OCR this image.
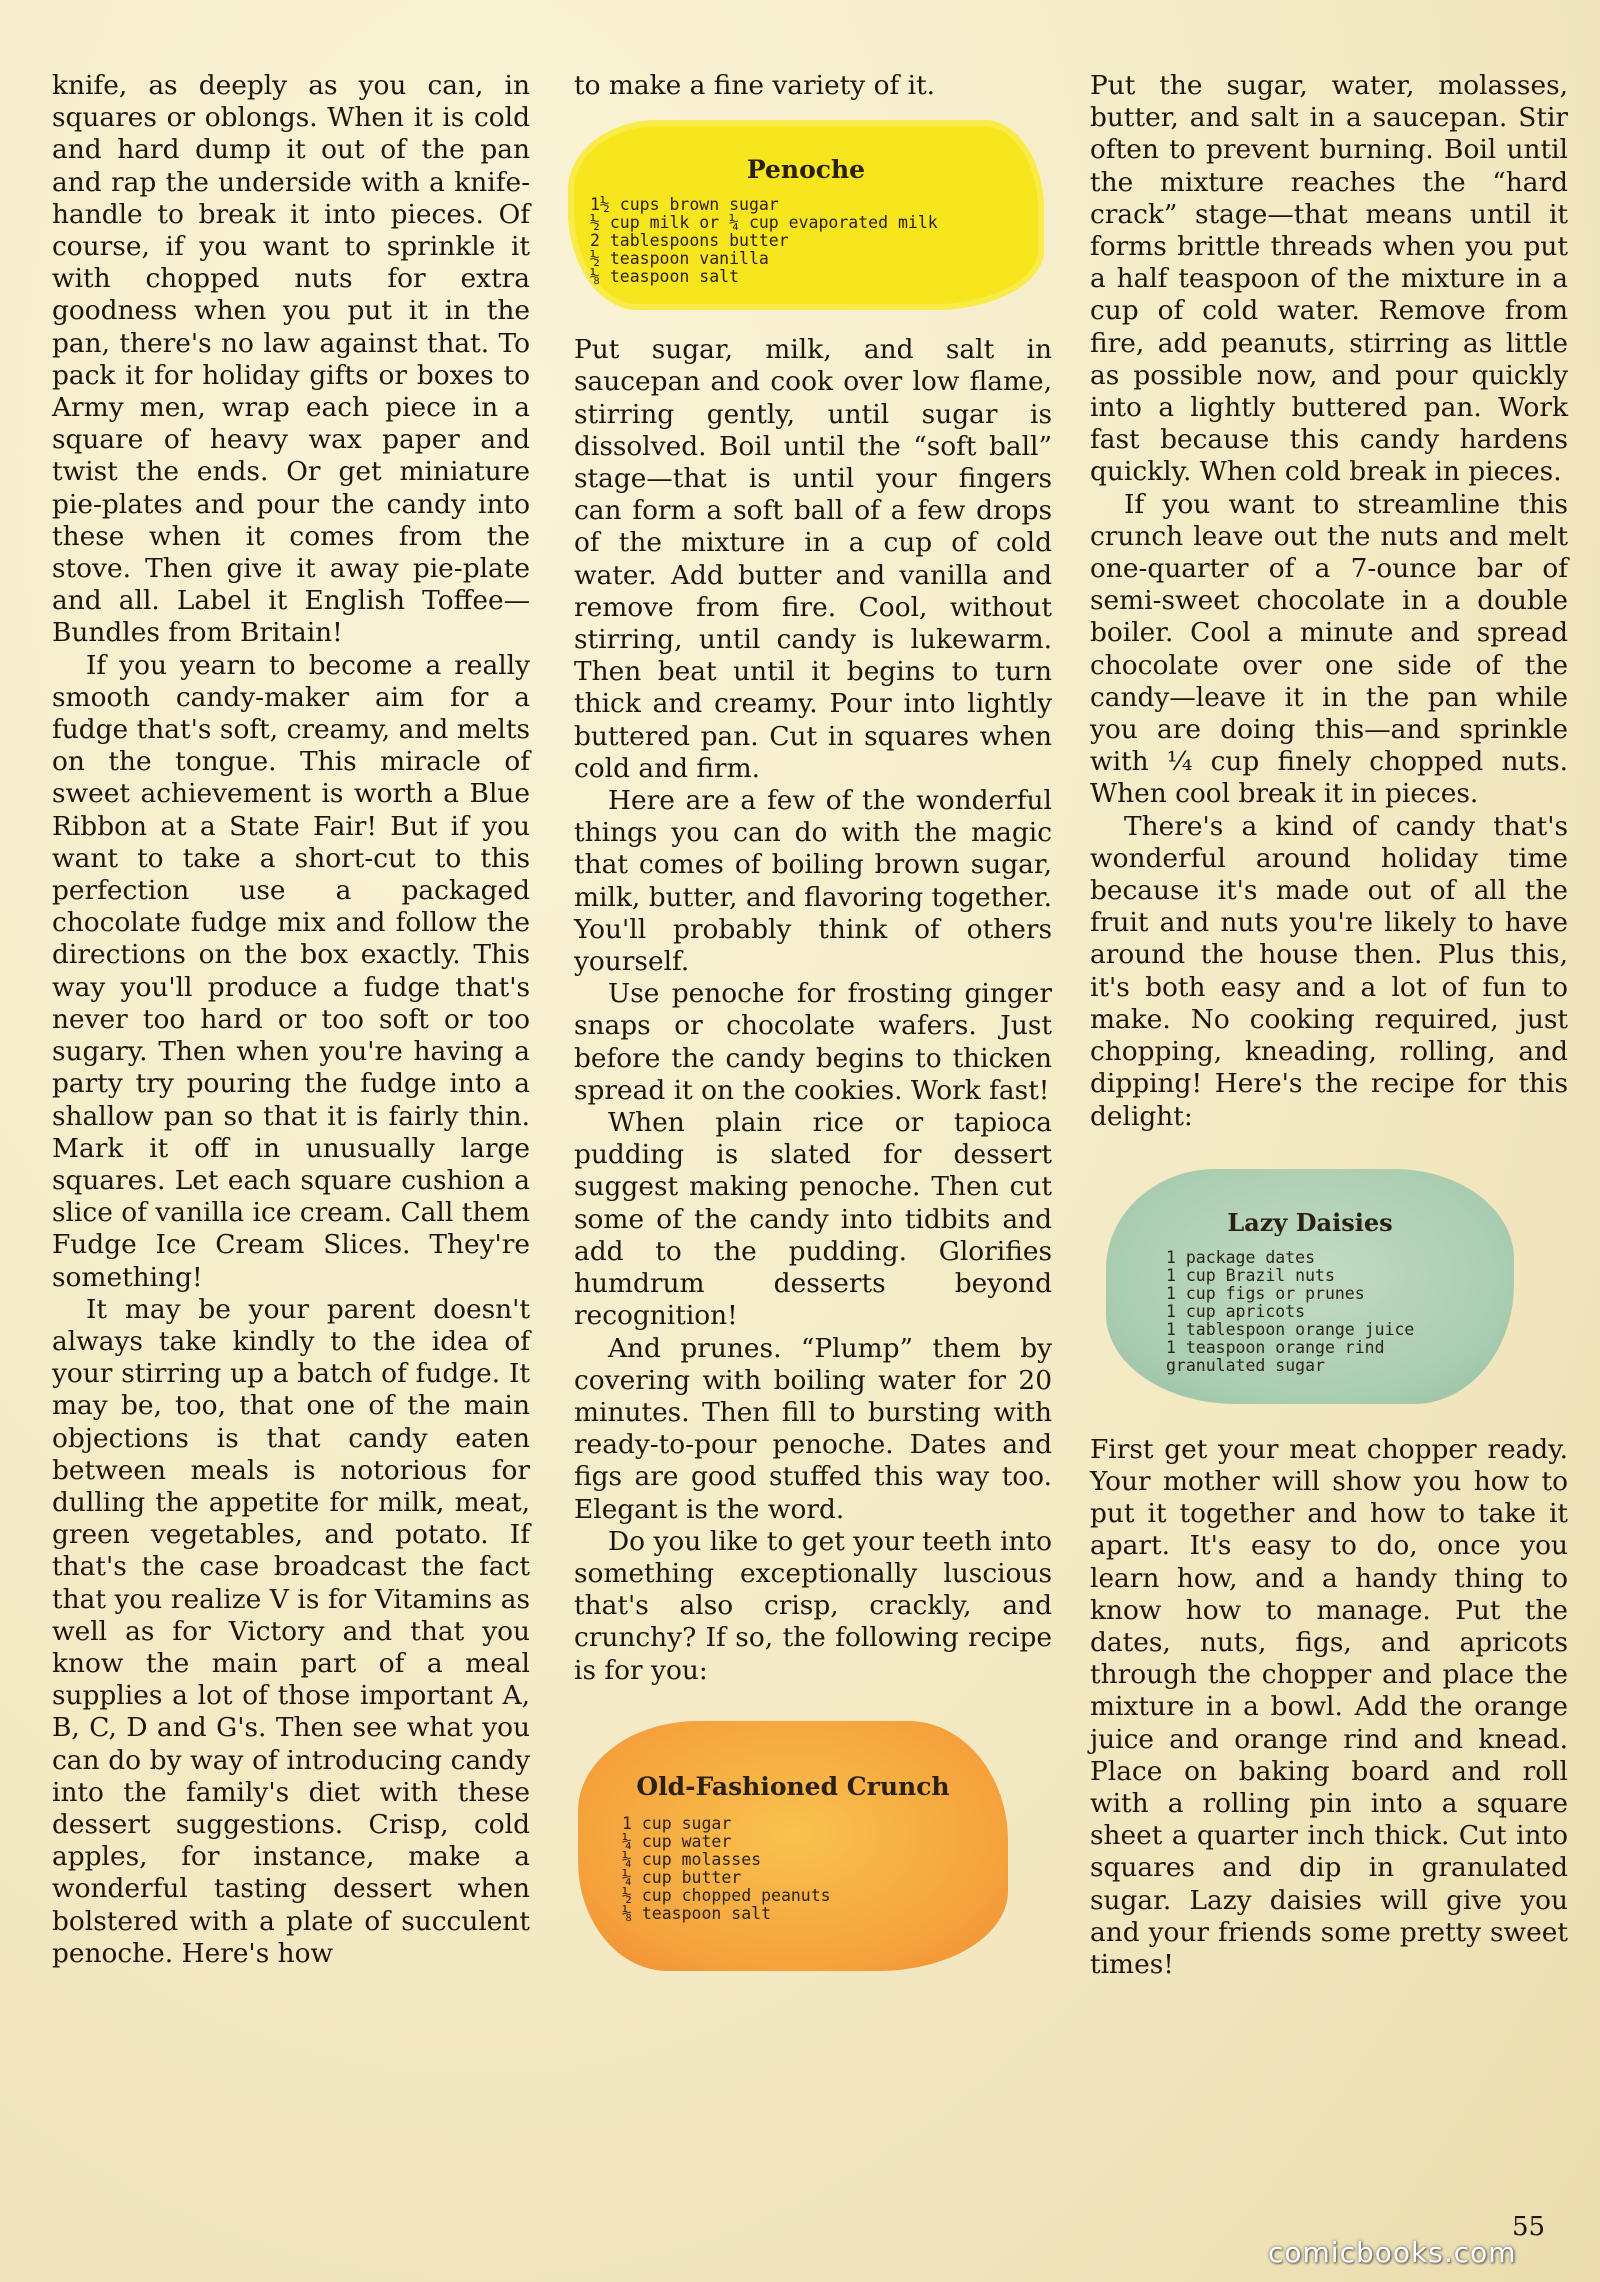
knife, as deeply as you can, in squares or oblongs. When it is cold and hard dump it out of the pan and rap the underside with a knife-handle to break it into pieces. Of course, if you want to sprinkle it with chopped nuts for extra goodness when you put it in the pan, there's no law against that. To pack it for holiday gifts or boxes to Army men, wrap each piece in a square of heavy wax paper and twist the ends. Or get miniature pie-plates and pour the candy into these when it comes from the stove. Then give it away pie-plate and all. Label it English Toffee—Bundles from Britain!

If you yearn to become a really smooth candy-maker aim for a fudge that's soft, creamy, and melts on the tongue. This miracle of sweet achievement is worth a Blue Ribbon at a State Fair! But if you want to take a short-cut to this perfection use a packaged chocolate fudge mix and follow the directions on the box exactly. This way you'll produce a fudge that's never too hard or too soft or too sugary. Then when you're having a party try pouring the fudge into a shallow pan so that it is fairly thin. Mark it off in unusually large squares. Let each square cushion a slice of vanilla ice cream. Call them Fudge Ice Cream Slices. They're something!

It may be your parent doesn't always take kindly to the idea of your stirring up a batch of fudge. It may be, too, that one of the main objections is that candy eaten between meals is notorious for dulling the appetite for milk, meat, green vegetables, and potato. If that's the case broadcast the fact that you realize V is for Vitamins as well as for Victory and that you know the main part of a meal supplies a lot of those important A, B, C, D and G's. Then see what you can do by way of introducing candy into the family's diet with these dessert suggestions. Crisp, cold apples, for instance, make a wonderful tasting dessert when bolstered with a plate of succulent penoche. Here's how

to make a fine variety of it.

Penoche
1½ cups brown sugar
½ cup milk or ¼ cup evaporated milk
2 tablespoons butter
½ teaspoon vanilla
⅛ teaspoon salt

Put sugar, milk, and salt in saucepan and cook over low flame, stirring gently, until sugar is dissolved. Boil until the “soft ball” stage—that is until your fingers can form a soft ball of a few drops of the mixture in a cup of cold water. Add butter and vanilla and remove from fire. Cool, without stirring, until candy is lukewarm. Then beat until it begins to turn thick and creamy. Pour into lightly buttered pan. Cut in squares when cold and firm.

Here are a few of the wonderful things you can do with the magic that comes of boiling brown sugar, milk, butter, and flavoring together. You'll probably think of others yourself.

Use penoche for frosting ginger snaps or chocolate wafers. Just before the candy begins to thicken spread it on the cookies. Work fast!

When plain rice or tapioca pudding is slated for dessert suggest making penoche. Then cut some of the candy into tidbits and add to the pudding. Glorifies humdrum desserts beyond recognition!

And prunes. “Plump” them by covering with boiling water for 20 minutes. Then fill to bursting with ready-to-pour penoche. Dates and figs are good stuffed this way too. Elegant is the word.

Do you like to get your teeth into something exceptionally luscious that's also crisp, crackly, and crunchy? If so, the following recipe is for you:

Old-Fashioned Crunch
1 cup sugar
¼ cup water
¼ cup molasses
¼ cup butter
½ cup chopped peanuts
⅛ teaspoon salt

Put the sugar, water, molasses, butter, and salt in a saucepan. Stir often to prevent burning. Boil until the mixture reaches the “hard crack” stage—that means until it forms brittle threads when you put a half teaspoon of the mixture in a cup of cold water. Remove from fire, add peanuts, stirring as little as possible now, and pour quickly into a lightly buttered pan. Work fast because this candy hardens quickly. When cold break in pieces.

If you want to streamline this crunch leave out the nuts and melt one-quarter of a 7-ounce bar of semi-sweet chocolate in a double boiler. Cool a minute and spread chocolate over one side of the candy—leave it in the pan while you are doing this—and sprinkle with ¼ cup finely chopped nuts. When cool break it in pieces.

There's a kind of candy that's wonderful around holiday time because it's made out of all the fruit and nuts you're likely to have around the house then. Plus this, it's both easy and a lot of fun to make. No cooking required, just chopping, kneading, rolling, and dipping! Here's the recipe for this delight:

Lazy Daisies
1 package dates
1 cup Brazil nuts
1 cup figs or prunes
1 cup apricots
1 tablespoon orange juice
1 teaspoon orange rind
granulated sugar

First get your meat chopper ready. Your mother will show you how to put it together and how to take it apart. It's easy to do, once you learn how, and a handy thing to know how to manage. Put the dates, nuts, figs, and apricots through the chopper and place the mixture in a bowl. Add the orange juice and orange rind and knead. Place on baking board and roll with a rolling pin into a square sheet a quarter inch thick. Cut into squares and dip in granulated sugar. Lazy daisies will give you and your friends some pretty sweet times!

55
comicbooks.com
